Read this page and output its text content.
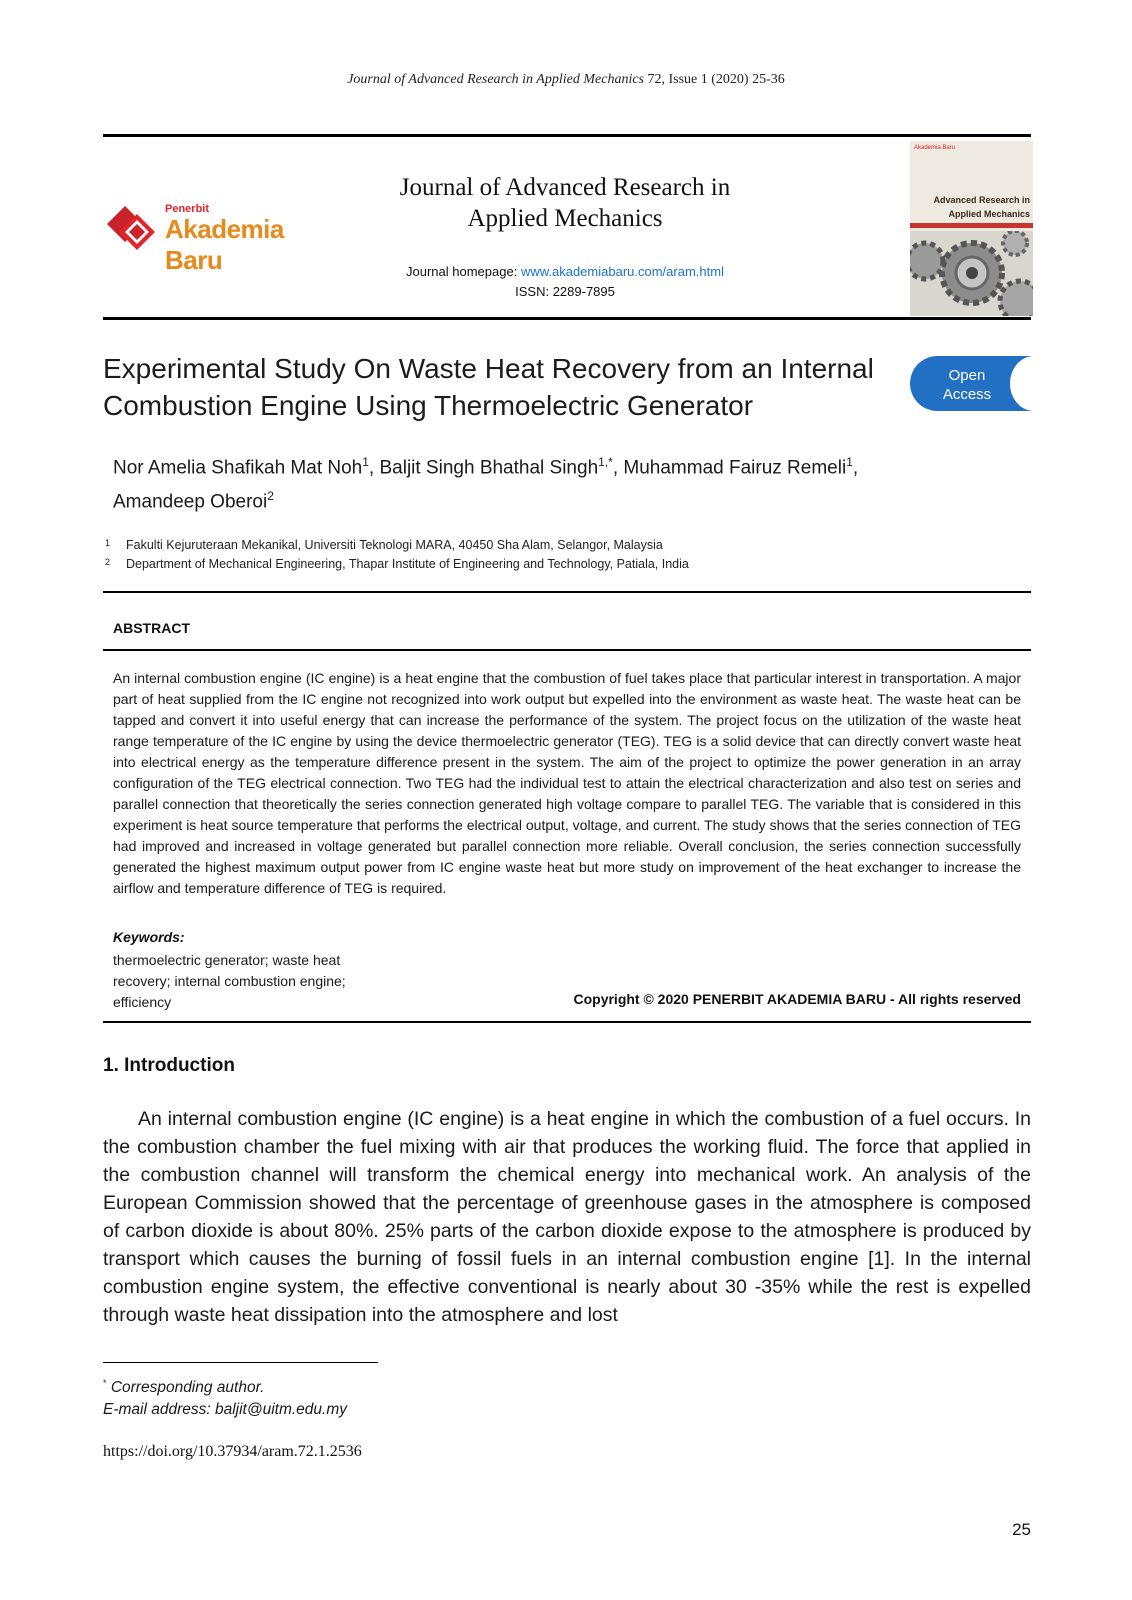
Journal of Advanced Research in Applied Mechanics 72, Issue 1 (2020) 25-36
Penerbit
Akademia Baru
Journal of Advanced Research in
Applied Mechanics
Journal homepage: www.akademiabaru.com/aram.html
ISSN: 2289-7895
Akademia Baru
Advanced Research in
Applied Mechanics
Experimental Study On Waste Heat Recovery from an Internal
Combustion Engine Using Thermoelectric Generator
Open
Access
Nor Amelia Shafikah Mat Noh$^1$, Baljit Singh Bhathal Singh$^{1,*}$, Muhammad Fairuz Remeli$^1$,
Amandeep Oberoi$^2$
1 Fakulti Kejuruteraan Mekanikal, Universiti Teknologi MARA, 40450 Sha Alam, Selangor, Malaysia
2 Department of Mechanical Engineering, Thapar Institute of Engineering and Technology, Patiala, India
ABSTRACT
An internal combustion engine (IC engine) is a heat engine that the combustion of fuel takes place that particular interest in transportation. A major part of heat supplied from the IC engine not recognized into work output but expelled into the environment as waste heat. The waste heat can be tapped and convert it into useful energy that can increase the performance of the system. The project focus on the utilization of the waste heat range temperature of the IC engine by using the device thermoelectric generator (TEG). TEG is a solid device that can directly convert waste heat into electrical energy as the temperature difference present in the system. The aim of the project to optimize the power generation in an array configuration of the TEG electrical connection. Two TEG had the individual test to attain the electrical characterization and also test on series and parallel connection that theoretically the series connection generated high voltage compare to parallel TEG. The variable that is considered in this experiment is heat source temperature that performs the electrical output, voltage, and current. The study shows that the series connection of TEG had improved and increased in voltage generated but parallel connection more reliable. Overall conclusion, the series connection successfully generated the highest maximum output power from IC engine waste heat but more study on improvement of the heat exchanger to increase the airflow and temperature difference of TEG is required.
Keywords:
thermoelectric generator; waste heat
recovery; internal combustion engine;
efficiency	Copyright © 2020 PENERBIT AKADEMIA BARU - All rights reserved
1. Introduction

An internal combustion engine (IC engine) is a heat engine in which the combustion of a fuel occurs. In the combustion chamber the fuel mixing with air that produces the working fluid. The force that applied in the combustion channel will transform the chemical energy into mechanical work. An analysis of the European Commission showed that the percentage of greenhouse gases in the atmosphere is composed of carbon dioxide is about 80%. 25% parts of the carbon dioxide expose to the atmosphere is produced by transport which causes the burning of fossil fuels in an internal combustion engine [1]. In the internal combustion engine system, the effective conventional is nearly about 30 -35% while the rest is expelled through waste heat dissipation into the atmosphere and lost

* Corresponding author.
E-mail address: baljit@uitm.edu.my
https://doi.org/10.37934/aram.72.1.2536
25
